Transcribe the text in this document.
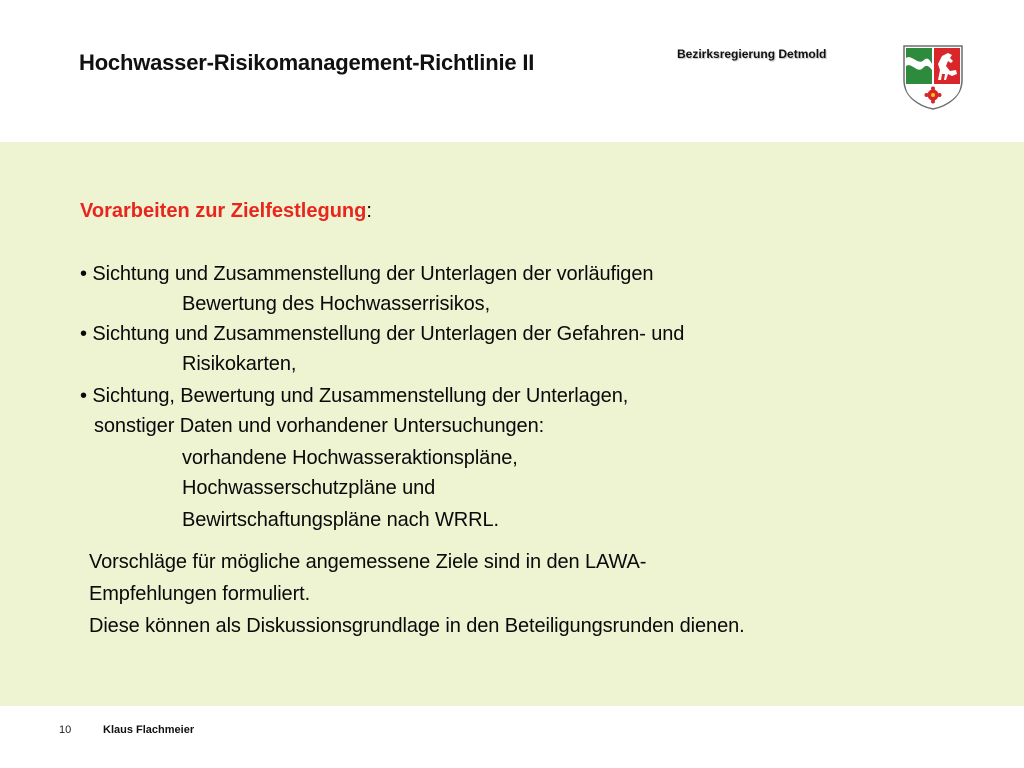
Hochwasser-Risikomanagement-Richtlinie II	Bezirksregierung Detmold
Vorarbeiten zur Zielfestlegung:
• Sichtung und Zusammenstellung der Unterlagen der vorläufigen
Bewertung des Hochwasserrisikos,
• Sichtung und Zusammenstellung der Unterlagen der Gefahren- und
Risikokarten,
• Sichtung, Bewertung und Zusammenstellung der Unterlagen,
sonstiger Daten und vorhandener Untersuchungen:
vorhandene Hochwasseraktionspläne,
Hochwasserschutzpläne und
Bewirtschaftungspläne nach WRRL.
Vorschläge für mögliche angemessene Ziele sind in den LAWA-
Empfehlungen formuliert.
Diese können als Diskussionsgrundlage in den Beteiligungsrunden dienen.
10	Klaus Flachmeier
